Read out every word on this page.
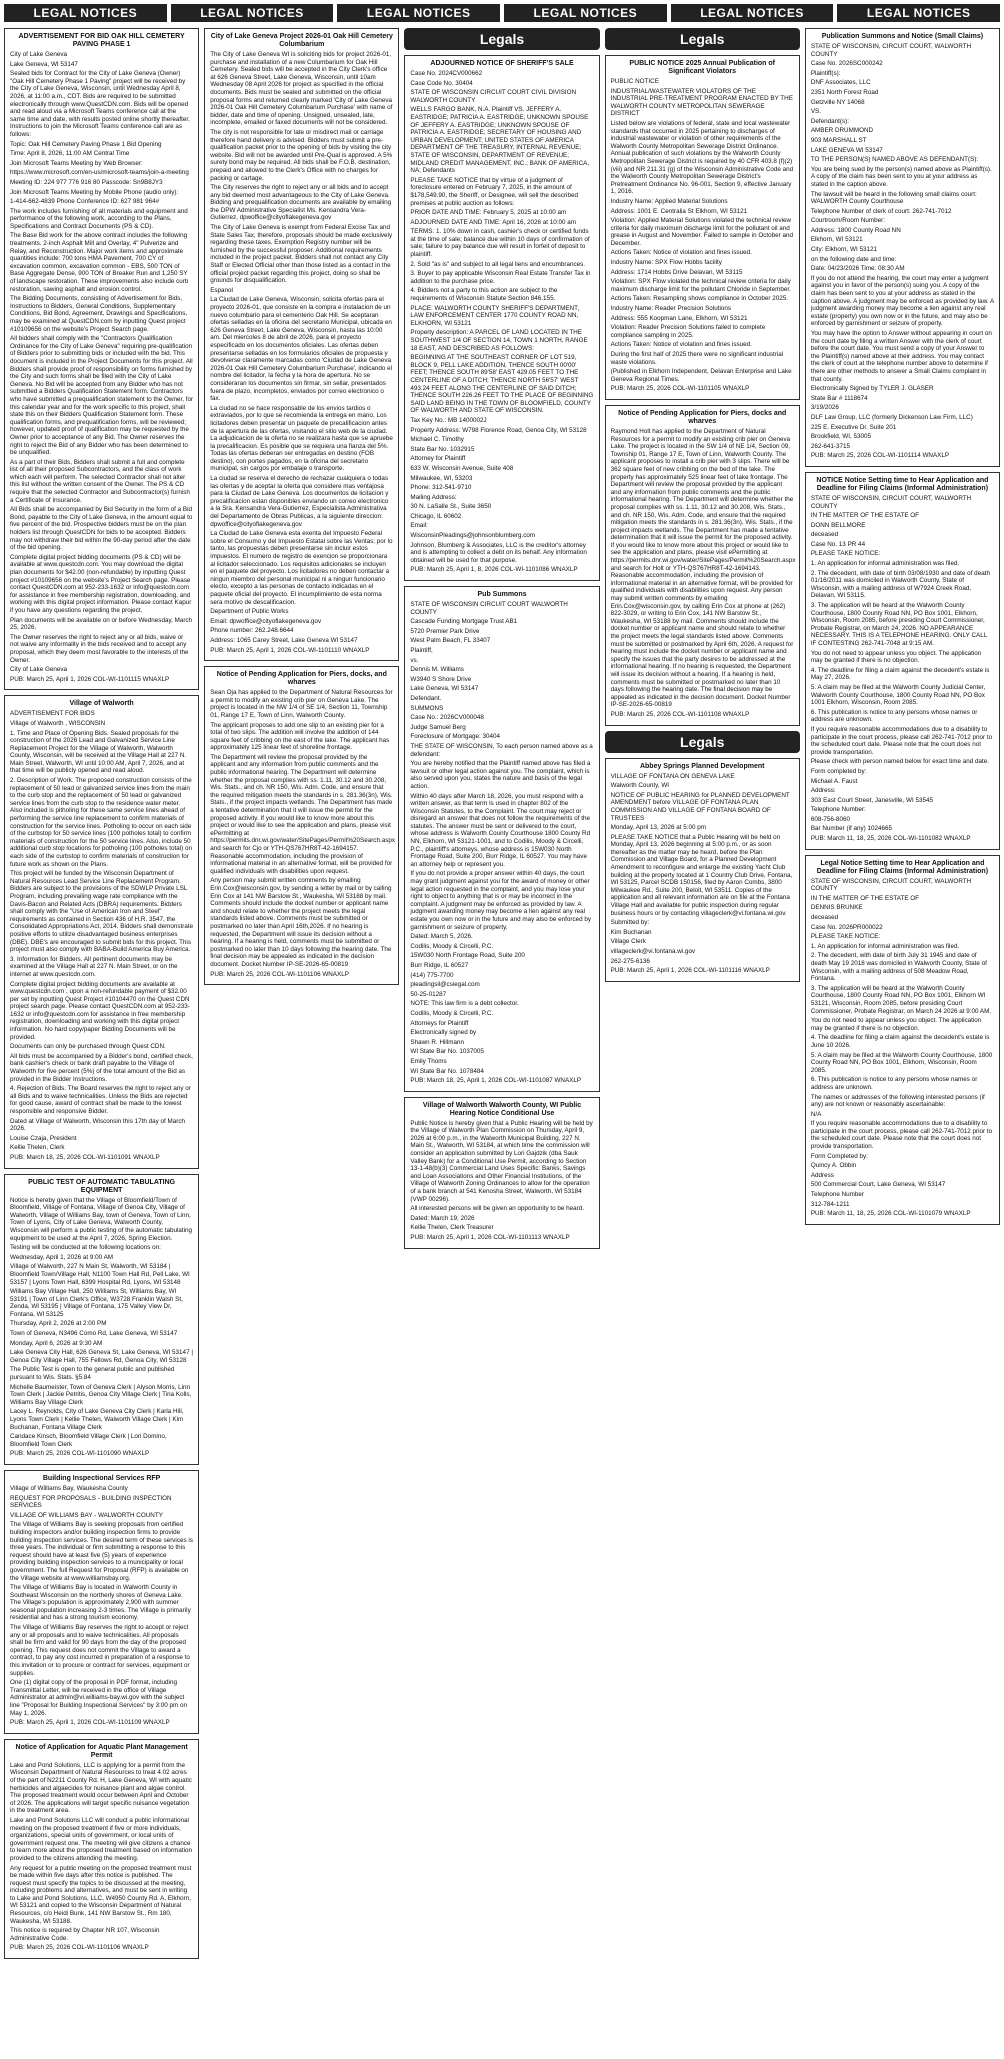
LEGAL NOTICES	LEGAL NOTICES	LEGAL NOTICES	LEGAL NOTICES	LEGAL NOTICES	LEGAL NOTICES
ADVERTISEMENT FOR BID OAK HILL CEMETERY PAVING PHASE 1

City of Lake Geneva

Lake Geneva, WI 53147

Sealed bids for Contract for the City of Lake Geneva (Owner) "Oak Hill Cemetery Phase 1 Paving" project will be received by the City of Lake Geneva, Wisconsin, until Wednesday April 8, 2026, at 11:00 a.m., CDT. Bids are required to be submitted electronically through www.QuestCDN.com. Bids will be opened and read aloud via a Microsoft Teams conference call at the same time and date, with results posted online shortly thereafter. Instructions to join the Microsoft Teams conference call are as follows:

Topic: Oak Hill Cemetery Paving Phase 1 Bid Opening

Time: April 8, 2026, 11:00 AM Central Time

Join Microsoft Teams Meeting by Web Browser:

https://www.microsoft.com/en-us/microsoft-teams/join-a-meeting

Meeting ID: 224 977 776 916 80 Passcode: Sn9B8JY3

Join Microsoft Teams Meeting by Mobile Phone (audio only):

1-414-662-4839 Phone Conference ID: 627 981 964#

The work includes furnishing of all materials and equipment and performance of the following work, according to the Plans, Specifications and Contract Documents (PS & CD).

The Base Bid work for the above contract includes the following treatments. 2-inch Asphalt Mill and Overlay, 4" Pulverize and Relay, and Reconstruction. Major work items and approximate quantities include: 700 tons HMA Pavement, 700 CY of excavation common, excavation common - EBS, 500 TON of Base Aggregate Dense, 900 TON of Breaker Run and 1,250 SY of landscape restoration. These improvements also include curb restoration, sawing asphalt and erosion control.

The Bidding Documents, consisting of Advertisement for Bids, Instructions to Bidders, General Conditions, Supplementary Conditions, Bid Bond, Agreement, Drawings and Specifications, may be examined at QuestCDN.com by inputting Quest project #10109656 on the website's Project Search page.

All bidders shall comply with the "Contractors Qualification Ordinance for the City of Lake Geneva" requiring pre-qualification of Bidders prior to submitting bids or included with the bid. This document is included in the Project Documents for this project. All Bidders shall provide proof of responsibility on forms furnished by the City and such forms shall be filed with the City of Lake Geneva. No Bid will be accepted from any Bidder who has not submitted a Bidders Qualification Statement form. Contractors who have submitted a prequalification statement to the Owner, for this calendar year and for the work specific to this project, shall state this on their Bidders Qualification Statement form. These qualification forms, and prequalification forms, will be reviewed; however, updated proof of qualification may be requested by the Owner prior to acceptance of any Bid. The Owner reserves the right to reject the Bid of any Bidder who has been determined to be unqualified.

As a part of their Bids, Bidders shall submit a full and complete list of all their proposed Subcontractors, and the class of work which each will perform. The selected Contractor shall not alter this list without the written consent of the Owner. The PS & CD require that the selected Contractor and Subcontractor(s) furnish a Certificate of Insurance.

All Bids shall be accompanied by Bid Security in the form of a Bid Bond, payable to the City of Lake Geneva, in the amount equal to five percent of the bid. Prospective bidders must be on the plan holders list through QuestCDN for bids to be accepted. Bidders may not withdraw their bid within the 90-day period after the date of the bid opening.

Complete digital project bidding documents (PS & CD) will be available at www.questcdn.com. You may download the digital plan documents for $42.00 (non-refundable) by inputting Quest project #10109656 on the website's Project Search page. Please contact QuestCDN.com at 952-233-1632 or info@questcdn.com for assistance in free membership registration, downloading, and working with this digital project information. Please contact Kapur if you have any questions regarding the project.

Plan documents will be available on or before Wednesday, March 25, 2026.

The Owner reserves the right to reject any or all bids, waive or not waive any informality in the bids received and to accept any proposal, which they deem most favorable to the interests of the Owner.

City of Lake Geneva

PUB: March 25, April 1, 2026 COL-WI-1101115 WNAXLP

Village of Walworth

ADVERTISEMENT FOR BIDS

Village of Walworth , WISCONSIN

1. Time and Place of Opening Bids. Sealed proposals for the construction of the 2026 Lead and Galvanized Service Line Replacement Project for the Village of Walworth, Walworth County, Wisconsin, will be received at the Village Hall at 227 N. Main Street, Walworth, WI until 10:00 AM, April 7, 2026, and at that time will be publicly opened and read aloud.

2. Description of Work. The proposed construction consists of the replacement of 50 lead or galvanized service lines from the main to the curb stop and the replacement of 50 lead or galvanized service lines from the curb stop to the residence water meter. Also included is pitholing for these same service lines ahead of performing the service line replacement to confirm materials of construction for the service lines. Potholing to occur on each side of the curbstop for 50 service lines (100 potholes total) to confirm materials of construction for the 50 service lines. Also, include 50 additional curb stop locations for potholing (100 potholes total) on each side of the curbstop to confirm materials of construction for future work as shown on the Plans.

This project will be funded by the Wisconsin Department of Natural Resources Lead Service Line Replacement Program. Bidders are subject to the provisions of the SDWLP Private LSL Program, including prevailing wage rate compliance with the Davis-Bacon and Related Acts (DBRA) requirements. Bidders shall comply with the "Use of American Iron and Steel" requirements as contained in Section 436 of H.R. 3547, the Consolidated Appropriations Act, 2014. Bidders shall demonstrate positive efforts to utilize disadvantaged business enterprises (DBE). DBE's are encouraged to submit bids for this project. This project must also comply with BABA-Build America Buy America.

3. Information for Bidders. All pertinent documents may be examined at the Village Hall at 227 N. Main Street, or on the internet at www.questcdn.com.

Complete digital project bidding documents are available at www.questcdn.com , upon a non-refundable payment of $32.00 per set by inputting Quest Project #10104470 on the Quest CDN project search page. Please contact QuestCDN.com at 952-233-1632 or info@questcdn.com for assistance in free membership registration, downloading and working with this digital project information. No hard copy/paper Bidding Documents will be provided.

Documents can only be purchased through Quest CDN.

All bids must be accompanied by a Bidder's bond, certified check, bank cashier's check or bank draft payable to the Village of Walworth for five percent (5%) of the total amount of the Bid as provided in the Bidder Instructions.

4. Rejection of Bids. The Board reserves the right to reject any or all Bids and to waive technicalities. Unless the Bids are rejected for good cause, award of contract shall be made to the lowest responsible and responsive Bidder.

Dated at Village of Walworth, Wisconsin this 17th day of March 2026.

Louise Czaja, President

Kellie Thelen, Clerk

PUB: March 18, 25, 2026 COL-WI-1101091 WNAXLP

PUBLIC TEST OF AUTOMATIC TABULATING EQUIPMENT

Notice is hereby given that the Village of Bloomfield/Town of Bloomfield, Village of Fontana, Village of Genoa City, Village of Walworth, Village of Williams Bay, town of Geneva, Town of Linn, Town of Lyons, City of Lake Geneva, Walworth County, Wisconsin will perform a public testing of the automatic tabulating equipment to be used at the April 7, 2026, Spring Election.

Testing will be conducted at the following locations on:

Wednesday, April 1, 2026 at 9:00 AM

Village of Walworth, 227 N Main St, Walworth, WI 53184 | Bloomfield Town/Village Hall, N1100 Town Hall Rd, Pell Lake, WI 53157 | Lyons Town Hall, 6399 Hospital Rd, Lyons, WI 53148

Williams Bay Village Hall, 250 Williams St, Williams Bay, WI 53191 | Town of Linn Clerk's Office, W3728 Franklin Walsh St, Zenda, WI 53195 | Village of Fontana, 175 Valley View Dr, Fontana, WI 53125

Thursday, April 2, 2026 at 2:00 PM

Town of Geneva, N3496 Como Rd, Lake Geneva, WI 53147

Monday, April 6, 2026 at 9:30 AM

Lake Geneva City Hall, 626 Geneva St, Lake Geneva, WI 53147 | Genoa City Village Hall, 755 Fellows Rd, Genoa City, WI 53128

The Public Test is open to the general public and published pursuant to Wis. Stats. §5.84

Michelle Baumeister, Town of Geneva Clerk | Alyson Morris, Linn Town Clerk | Jackie Petritis, Genoa City Village Clerk | Tina Kolls, Williams Bay Village Clerk

Lacey L. Reynolds, City of Lake Geneva City Clerk | Karla Hill, Lyons Town Clerk | Kellie Thelen, Walworth Village Clerk | Kim Buchanan, Fontana Village Clerk

Candace Kinsch, Bloomfield Village Clerk | Lori Domino, Bloomfield Town Clerk

PUB: March 25, 2026 COL-WI-1101090 WNAXLP

Building Inspectional Services RFP

Village of Williams Bay, Waukesha County

REQUEST FOR PROPOSALS - BUILDING INSPECTION SERVICES

VILLAGE OF WILLIAMS BAY - WALWORTH COUNTY

The Village of Williams Bay is seeking proposals from certified building inspectors and/or building inspection firms to provide building inspection services. The desired term of these services is three years. The individual or firm submitting a response to this request should have at least five (5) years of experience providing building inspection services to a municipality or local government. The full Request for Proposal (RFP) is available on the Village website at www.williamsbay.org.

The Village of Williams Bay is located in Walworth County in Southeast Wisconsin on the northerly shores of Geneva Lake. The Village's population is approximately 2,900 with summer seasonal population increasing 2-3 times. The Village is primarily residential and has a strong tourism economy.

The Village of Williams Bay reserves the right to accept or reject any or all proposals and to waive technicalities. All proposals shall be firm and valid for 90 days from the day of the proposed opening. This request does not commit the Village to award a contract, to pay any cost incurred in preparation of a response to this invitation or to procure or contract for services, equipment or supplies.

One (1) digital copy of the proposal in PDF format, including Transmittal Letter, will be received in the office of Village Administrator at admin@vi.williams-bay.wi.gov with the subject line "Proposal for Building Inspectional Services" by 3:00 pm on May 1, 2026.

PUB: March 25, April 1, 2026 COL-WI-1101109 WNAXLP

Notice of Application for Aquatic Plant Management Permit

Lake and Pond Solutions, LLC is applying for a permit from the Wisconsin Department of Natural Resources to treat 4.02 acres of the part of N2211 County Rd. H, Lake Geneva, WI with aquatic herbicides and algaecides for nuisance plant and algae control. The proposed treatment would occur between April and October of 2026. The applications will target specific nuisance vegetation in the treatment area.

Lake and Pond Solutions LLC will conduct a public informational meeting on the proposed treatment if five or more individuals, organizations, special units of government, or local units of government request one. The meeting will give citizens a chance to learn more about the proposed treatment based on information provided to the citizens attending the meeting.

Any request for a public meeting on the proposed treatment must be made within five days after this notice is published. The request must specify the topics to be discussed at the meeting, including problems and alternatives, and must be sent in writing to Lake and Pond Solutions, LLC, W4950 County Rd. A, Elkhorn, WI 53121 and copied to the Wisconsin Department of Natural Resources, c/o Heidi Bunk, 141 NW Barstow St., Rm 180, Waukesha, WI 53188.

This notice is required by Chapter NR 107, Wisconsin Administrative Code.

PUB: March 25, 2026 COL-WI-1101106 WNAXLP

City of Lake Geneva Project 2026-01 Oak Hill Cemetery Columbarium

The City of Lake Geneva WI is soliciting bids for project 2026-01, purchase and installation of a new Columbarium for Oak Hill Cemetery. Sealed bids will be accepted in the City Clerk's office at 626 Geneva Street, Lake Geneva, Wisconsin, until 10am Wednesday 08 April 2026 for project as specified in the official documents. Bids must be sealed and submitted on the official proposal forms and returned clearly marked 'City of Lake Geneva 2026-01 Oak Hill Cemetery Columbarium Purchase' with name of bidder, date and time of opening. Unsigned, unsealed, late, incomplete, emailed or faxed documents will not be considered.

The city is not responsible for late or misdirect mail or carriage therefore hand delivery is advised. Bidders must submit a pre-qualification packet prior to the opening of bids by visiting the city website. Bid will not be awarded until Pre-Qual is approved. A 5% surety bond may be required. All bids shall be F.O.B. destination, prepaid and allowed to the Clerk's Office with no charges for packing or cartage.

The City reserves the right to reject any or all bids and to accept any bid deemed most advantageous to the City of Lake Geneva. Bidding and prequalification documents are available by emailing the DPW Administrative Specialist Ms. Kensandra Vera-Gutierrez, dpwoffice@cityoflakegeneva.gov

The City of Lake Geneva is exempt from Federal Excise Tax and State Sales Tax; therefore, proposals should be made exclusively regarding these taxes. Exemption Registry number will be furnished by the successful proposer. Additional requirements included in the project packet. Bidders shall not contact any City Staff or Elected Official other than those listed as a contact in the official project packet regarding this project, doing so shall be grounds for disqualification.

Espanol

La Ciudad de Lake Geneva, Wisconsin, solicita ofertas para el proyecto 2026-01, que consiste en la compra e instalacion de un nuevo columbario para el cementerio Oak Hill. Se aceptaran ofertas selladas en la oficina del secretario Municipal, ubicada en 626 Geneva Street, Lake Geneva, Wisconsin, hasta las 10:00 am. Del miercoles 8 de abril de 2026, para el proyecto especificado en los documentos oficiales. Las ofertas deben presentarse selladas en los formularios oficiales de propuesta y devolverse claramente marcadas como 'Ciudad de Lake Geneva 2026-01 Oak Hill Cemetery Columbarium Purchase', indicando el nombre del licitador, la fecha y la hora de apertura. No se consideraran los documentos sin firmar, sin sellar, presentados fuera de plazo, incompletos, enviados por correo electronico o fax.

La ciudad no se hace responsable de los envios tardios o extraviados, por lo que se recomienda la entrega en mano. Los licitadores deben presentar un paquete de precalificacion antes de la apertura de las ofertas, visitando el sitio web de la ciudad. La adjudicacion de la oferta no se realizara hasta que se apruebe la precalificacion. Es posible que se requiera una fianza del 5%. Todas las ofertas deberan ser entregadas en destino (FOB destino), con portes pagados, en la oficina del secretario municipal, sin cargos por embalaje o transporte.

La ciudad se reserva el derecho de rechazar cualquiera o todas las ofertas y de aceptar la oferta que considere mas ventajosa para la Ciudad de Lake Geneva. Los documentos de licitacion y precalificacion estan disponibles enviando un correo electronico a la Sra. Kensandra Vera-Gutierrez, Especialista Administrativa del Departamento de Obras Publicas, a la siguiente direccion: dpwoffice@cityoflakegeneva.gov

La Ciudad de Lake Geneva esta exenta del Impuesto Federal sobre el Consumo y del Impuesto Estatal sobre las Ventas; por lo tanto, las propuestas deben presentarse sin incluir estos impuestos. El numero de registro de exencion se proporcionara al licitador seleccionado. Los requisitos adicionales se incluyen en el paquete del proyecto. Los licitadores no deben contactar a ningun miembro del personal municipal ni a ningun funcionario electo, excepto a las personas de contacto indicadas en el paquete oficial del proyecto. El incumplimiento de esta norma sera motivo de descalificacion.

Department of Public Works

Email: dpwoffice@cityoflakegeneva.gov

Phone number: 262.248.6644

Address: 1065 Carey Street, Lake Geneva WI 53147

PUB: March 25, April 1, 2026 COL-WI-1101110 WNAXLP

Notice of Pending Application for Piers, docks, and wharves

Sean Oja has applied to the Department of Natural Resources for a permit to modify an existing crib pier on Geneva Lake. The project is located in the NW 1/4 of SE 1/4, Section 11, Township 01, Range 17 E, Town of Linn, Walworth County.

The applicant proposes to add one slip to an existing pier for a total of two slips. The addition will involve the addition of 144 square feet of cribbing on the east of the lake. The applicant has approximately 125 linear feet of shoreline frontage.

The Department will review the proposal provided by the applicant and any information from public comments and the public informational hearing. The Department will determine whether the proposal complies with ss. 1.11, 30.12 and 30.208, Wis. Stats., and ch. NR 150, Wis. Adm. Code, and ensure that the required mitigation meets the standards in s. 281.36(3n), Wis. Stats., if the project impacts wetlands. The Department has made a tentative determination that it will issue the permit for the proposed activity. If you would like to know more about this project or would like to see the application and plans, please visit ePermitting at https://permits.dnr.wi.gov/water/SitePages/Permit%20Search.aspx and search for Cjo or YTH-QS767HR8T-42-1694157. Reasonable accommodation, including the provision of informational material in an alternative format, will be provided for qualified individuals with disabilities upon request.

Any person may submit written comments by emailing Erin.Cox@wisconsin.gov, by sending a letter by mail or by calling Erin Cox at 141 NW Barstow St., Waukesha, WI 53188 by mail. Comments should include the docket number or applicant name and should relate to whether the project meets the legal standards listed above. Comments must be submitted or postmarked no later than April 16th,2026. If no hearing is requested, the Department will issue its decision without a hearing. If a hearing is held, comments must be submitted or postmarked no later than 10 days following the hearing date. The final decision may be appealed as indicated in the decision document. Docket Number IP-SE-2026-65-00819

PUB: March 25, 2026 COL-WI-1101106 WNAXLP

Legals
ADJOURNED NOTICE OF SHERIFF'S SALE

Case No. 2024CV000662

Case Code No. 30404

STATE OF WISCONSIN CIRCUIT COURT CIVIL DIVISION WALWORTH COUNTY

WELLS FARGO BANK, N.A. Plaintiff VS. JEFFERY A. EASTRIDGE; PATRICIA A. EASTRIDGE; UNKNOWN SPOUSE OF JEFFERY A. EASTRIDGE; UNKNOWN SPOUSE OF PATRICIA A. EASTRIDGE; SECRETARY OF HOUSING AND URBAN DEVELOPMENT; UNITED STATES OF AMERICA DEPARTMENT OF THE TREASURY, INTERNAL REVENUE; STATE OF WISCONSIN, DEPARTMENT OF REVENUE; MIDLAND CREDIT MANAGEMENT, INC.; BANK OF AMERICA, NA; Defendants

PLEASE TAKE NOTICE that by virtue of a judgment of foreclosure entered on February 7, 2025, in the amount of $178,549.90, the Sheriff, or Designee, will sell the described premises at public auction as follows:

PRIOR DATE AND TIME: February 5, 2025 at 10:00 am

ADJOURNED DATE AND TIME: April 16, 2026 at 10:00 am

TERMS: 1. 10% down in cash, cashier's check or certified funds at the time of sale; balance due within 10 days of confirmation of sale; failure to pay balance due will result in forfeit of deposit to plaintiff.

2. Sold "as is" and subject to all legal liens and encumbrances.

3. Buyer to pay applicable Wisconsin Real Estate Transfer Tax in addition to the purchase price.

4. Bidders not a party to this action are subject to the requirements of Wisconsin Statute Section 846.155.

PLACE: WALWORTH COUNTY SHERIFF'S DEPARTMENT, LAW ENFORCEMENT CENTER 1770 COUNTY ROAD NN, ELKHORN, WI 53121

Property description: A PARCEL OF LAND LOCATED IN THE SOUTHWEST 1/4 OF SECTION 14, TOWN 1 NORTH, RANGE 18 EAST, AND DESCRIBED AS FOLLOWS:

BEGINNING AT THE SOUTHEAST CORNER OF LOT 519, BLOCK 9, PELL LAKE ADDITION, THENCE SOUTH 00'00' FEET; THENCE SOUTH 89'58' EAST 429.05 FEET TO THE CENTERLINE OF A DITCH; THENCE NORTH 56'57' WEST 493.24 FEET ALONG THE CENTERLINE OF SAID DITCH; THENCE SOUTH 226.26 FEET TO THE PLACE OF BEGINNING SAID LAND BEING IN THE TOWN OF BLOOMFIELD, COUNTY OF WALWORTH AND STATE OF WISCONSIN.

Tax Key No.: MB 1400002J

Property Address: W798 Florence Road, Genoa City, WI 53128

Michael C. Timothy

State Bar No. 1032915

Attorney for Plaintiff

633 W. Wisconsin Avenue, Suite 408

Milwaukee, WI, 53203

Phone: 312-541-9710

Mailing Address:

30 N. LaSalle St., Suite 3650

Chicago, IL 60602

Email:

WisconsinPleadings@johnsonblumberg.com

Johnson, Blumberg & Associates, LLC is the creditor's attorney and is attempting to collect a debt on its behalf. Any information obtained will be used for that purpose.

PUB: March 25, April 1, 8, 2026 COL-WI-1101086 WNAXLP

Pub Summons

STATE OF WISCONSIN CIRCUIT COURT WALWORTH COUNTY

Cascade Funding Mortgage Trust AB1

5720 Premier Park Drive

West Palm Beach, FL 33407

Plaintiff,

vs.

Dennis M. Williams

W3940 S Shore Drive

Lake Geneva, WI 53147

Defendant.

SUMMONS

Case No.: 2026CV000048

Judge Samuel Berg

Foreclosure of Mortgage: 30404

THE STATE OF WISCONSIN, To each person named above as a defendant:

You are hereby notified that the Plaintiff named above has filed a lawsuit or other legal action against you. The complaint, which is also served upon you, states the nature and basis of the legal action.

Within 40 days after March 18, 2026, you must respond with a written answer, as that term is used in chapter 802 of the Wisconsin Statutes, to the Complaint. The court may reject or disregard an answer that does not follow the requirements of the statutes. The answer must be sent or delivered to the court, whose address is Walworth County Courthouse 1800 County Rd NN, Elkhorn, WI 53121-1001, and to Codilis, Moody & Circelli, P.C., plaintiff's attorneys, whose address is 15W030 North Frontage Road, Suite 200, Burr Ridge, IL 60527. You may have an attorney help or represent you.

If you do not provide a proper answer within 40 days, the court may grant judgment against you for the award of money or other legal action requested in the complaint, and you may lose your right to object to anything that is or may be incorrect in the complaint. A judgment may be enforced as provided by law. A judgment awarding money may become a lien against any real estate you own now or in the future and may also be enforced by garnishment or seizure of property.

Dated: March 5, 2026.

Codilis, Moody & Circelli, P.C.

15W030 North Frontage Road, Suite 200

Burr Ridge, IL 60527

(414) 775-7700

pleadingsil@csiegal.com

50-25-01287

NOTE: This law firm is a debt collector.

Codilis, Moody & Circelli, P.C.

Attorneys for Plaintiff

Electronically signed by

Shawn R. Hillmann

WI State Bar No. 1037005

Emily Thoms

WI State Bar No. 1078484

PUB: March 18, 25, April 1, 2026 COL-WI-1101087 WNAXLP

Village of Walworth Walworth County, WI Public Hearing Notice Conditional Use

Public Notice is hereby given that a Public Hearing will be held by the Village of Walworth Plan Commission on Thursday, April 9, 2026 at 6:00 p.m., in the Walworth Municipal Building, 227 N. Main St., Walworth, WI 53184, at which time the commission will consider an application submitted by Lori Gajdzik (dba Sauk Valley Bank) for a Conditional Use Permit, according to Section 13-1-48(b)(3) Commercial Land Uses Specific: Banks, Savings and Loan Associations and Other Financial Institutions, of the Village of Walworth Zoning Ordinances to allow for the operation of a bank branch at 541 Kenosha Street, Walworth, WI 53184 (VWP 00296).

All interested persons will be given an opportunity to be heard.

Dated: March 19, 2026

Kellie Thelen, Clerk Treasurer

PUB: March 25, April 1, 2026 COL-WI-1101113 WNAXLP

Legals
PUBLIC NOTICE 2025 Annual Publication of Significant Violators

PUBLIC NOTICE

INDUSTRIAL/WASTEWATER VIOLATORS OF THE INDUSTRIAL PRE-TREATMENT PROGRAM ENACTED BY THE WALWORTH COUNTY METROPOLITAN SEWERAGE DISTRICT

Listed below are violations of federal, state and local wastewater standards that occurred in 2025 pertaining to discharges of industrial wastewater or violation of other requirements of the Walworth County Metropolitan Sewerage District Ordinance. Annual publication of such violations by the Walworth County Metropolitan Sewerage District is required by 40 CFR 403.8 (f)(2)(viii) and NR 211.31 (g) of the Wisconsin Administrative Code and the Walworth County Metropolitan Sewerage District's Pretreatment Ordinance No. 96-001, Section 9, effective January 1, 2016.

Industry Name: Applied Material Solutions

Address: 1001 E. Centralia St Elkhorn, WI 53121

Violation: Applied Material Solutions violated the technical review criteria for daily maximum discharge limit for the pollutant oil and grease in August and November. Failed to sample in October and December.

Actions Taken: Notice of violation and fines issued.

Industry Name: SPX Flow Hobbs facility

Address: 1714 Hobbs Drive Delavan, WI 53115

Violation: SPX Flow violated the technical review criteria for daily maximum discharge limit for the pollutant Chloride in September.

Actions Taken: Resampling shows compliance in October 2025.

Industry Name: Reader Precision Solutions

Address: 555 Koopman Lane, Elkhorn, WI 53121

Violation: Reader Precision Solutions failed to complete compliance sampling in 2025.

Actions Taken: Notice of violation and fines issued.

During the first half of 2025 there were no significant industrial waste violations.

(Published in Elkhorn Independent, Delavan Enterprise and Lake Geneva Regional Times.

PUB: March 25, 2026 COL-WI-1101105 WNAXLP

Notice of Pending Application for Piers, docks and wharves

Raymond Holt has applied to the Department of Natural Resources for a permit to modify an existing crib pier on Geneva Lake. The project is located in the SW 1/4 of NE 1/4, Section 09, Township 01, Range 17 E, Town of Linn, Walworth County. The applicant proposes to install a crib pier with 3 slips. There will be 362 square feet of new cribbing on the bed of the lake. The property has approximately 525 linear feet of lake frontage. The Department will review the proposal provided by the applicant and any information from public comments and the public informational hearing. The Department will determine whether the proposal complies with ss. 1.11, 30.12 and 30.208, Wis. Stats., and ch. NR 150, Wis. Adm. Code, and ensure that the required mitigation meets the standards in s. 281.36(3n), Wis. Stats., if the project impacts wetlands. The Department has made a tentative determination that it will issue the permit for the proposed activity. If you would like to know more about this project or would like to see the application and plans, please visit ePermitting at https://permits.dnr.wi.gov/water/SitePages/Permit%20Search.aspx and search for Holt or YTH-QS767HR8T-42-1694143. Reasonable accommodation, including the provision of informational material in an alternative format, will be provided for qualified individuals with disabilities upon request. Any person may submit written comments by emailing Erin.Cox@wisconsin.gov, by calling Erin Cox at phone at (262) 822-3029, or writing to Erin Cox, 141 NW Barstow St., Waukesha, WI 53188 by mail. Comments should include the docket number or applicant name and should relate to whether the project meets the legal standards listed above. Comments must be submitted or postmarked by April 6th, 2026. A request for hearing must include the docket number or applicant name and specify the issues that the party desires to be addressed at the informational hearing. If no hearing is requested, the Department will issue its decision without a hearing. If a hearing is held, comments must be submitted or postmarked no later than 10 days following the hearing date. The final decision may be appealed as indicated in the decision document. Docket Number IP-SE-2026-65-00819

PUB: March 25, 2026 COL-WI-1101108 WNAXLP

Legals
Abbey Springs Planned Development

VILLAGE OF FONTANA ON GENEVA LAKE

Walworth County, WI

NOTICE OF PUBLIC HEARING for PLANNED DEVELOPMENT AMENDMENT before VILLAGE OF FONTANA PLAN COMMISSION AND VILLAGE OF FONTANA BOARD OF TRUSTEES

Monday, April 13, 2026 at 5:00 pm

PLEASE TAKE NOTICE that a Public Hearing will be held on Monday, April 13, 2026 beginning at 5:00 p.m., or as soon thereafter as the matter may be heard, before the Plan Commission and Village Board, for a Planned Development Amendment to reconfigure and enlarge the existing Yacht Club building at the property located at 1 Country Club Drive, Fontana, WI 53125, Parcel SCDB 150156, filed by Aaron Combs, 3800 Milwaukee Rd., Suite 200, Beloit, WI 53511. Copies of the application and all relevant information are on file at the Fontana Village Hall and available for public inspection during regular business hours or by contacting villageclerk@vi.fontana.wi.gov.

Submitted by:

Kim Buchanan

Village Clerk

villageclerk@vi.fontana.wi.gov

262-275-6136

PUB: March 25, April 1, 2026 COL-WI-1101116 WNAXLP

Publication Summons and Notice (Small Claims)

STATE OF WISCONSIN, CIRCUIT COURT, WALWORTH COUNTY

Case No. 2026SC000242

Plaintiff(s):

DNF Associates, LLC

2351 North Forest Road

Getzville NY 14068

VS.

Defendant(s):

AMBER DRUMMOND

903 MARSHALL ST

LAKE GENEVA WI 53147

TO THE PERSON(S) NAMED ABOVE AS DEFENDANT(S):

You are being sued by the person(s) named above as Plaintiff(s). A copy of the claim has been sent to you at your address as stated in the caption above.

The lawsuit will be heard in the following small claims court: WALWORTH County Courthouse

Telephone Number of clerk of court: 262-741-7012

Courtroom/Room Number:

Address: 1800 County Road NN

Elkhorn, WI 53121

City: Elkhorn, WI 53121

on the following date and time:

Date: 04/23/2026 Time: 08:30 AM

If you do not attend the hearing, the court may enter a judgment against you in favor of the person(s) suing you. A copy of the claim has been sent to you at your address as stated in the caption above. A judgment may be enforced as provided by law. A judgment awarding money may become a lien against any real estate (property) you own now or in the future, and may also be enforced by garnishment or seizure of property.

You may have the option to Answer without appearing in court on the court date by filing a written Answer with the clerk of court before the court date. You must send a copy of your Answer to the Plaintiff(s) named above at their address. You may contact the clerk of court at the telephone number above to determine if there are other methods to answer a Small Claims complaint in that county.

Electronically Signed by TYLER J. GLASER

State Bar # 1118674

3/19/2026

DLF Law Group, LLC (formerly Dickenson Law Firm, LLC)

225 E. Executive Dr. Suite 201

Brookfield, WI, 53005

262-641-3715

PUB: March 25, 2026 COL-WI-1101114 WNAXLP

NOTICE Notice Setting time to Hear Application and Deadline for Filing Claims (Informal Administration)

STATE OF WISCONSIN, CIRCUIT COURT, WALWORTH COUNTY

IN THE MATTER OF THE ESTATE OF

DONN BELLMORE

deceased

Case No. 13 PR 44

PLEASE TAKE NOTICE:

1. An application for informal administration was filed.

2. The decedent, with date of birth 03/08/1930 and date of death 01/16/2011 was domiciled in Walworth County, State of Wisconsin, with a mailing address of W7924 Creek Road, Delavan, WI 53115.

3. The application will be heard at the Walworth County Courthouse, 1800 County Road NN, PO Box 1001, Elkhorn, Wisconsin, Room 2085, before presiding Court Commissioner, Probate Registrar, on March 24, 2026. NO APPEARANCE NECESSARY. THIS IS A TELEPHONE HEARING. ONLY CALL IF CONTESTING 262-741-7048 at 9:15 AM.

You do not need to appear unless you object. The application may be granted if there is no objection.

4. The deadline for filing a claim against the decedent's estate is May 27, 2026.

5. A claim may be filed at the Walworth County Judicial Center, Walworth County Courthouse, 1800 County Road NN, PO Box 1001 Elkhorn, Wisconsin, Room 2085.

6. This publication is notice to any persons whose names or address are unknown.

If you require reasonable accommodations due to a disability to participate in the court process, please call 262-741-7012 prior to the scheduled court date. Please note that the court does not provide transportation.

Please check with person named below for exact time and date.

Form completed by:

Michael A. Faust

Address:

303 East Court Street, Janesville, WI 53545

Telephone Number:

608-756-8060

Bar Number (if any) 1024665

PUB: March 11, 18, 25, 2026 COL-WI-1101082 WNAXLP

Legal Notice Setting time to Hear Application and Deadline for Filing Claims (Informal Administration)

STATE OF WISCONSIN, CIRCUIT COURT, WALWORTH COUNTY

IN THE MATTER OF THE ESTATE OF

DENNIS BRUNKE

deceased

Case No. 2026PR000022

PLEASE TAKE NOTICE:

1. An application for informal administration was filed.

2. The decedent, with date of birth July 31 1945 and date of death May 19 2018 was domiciled in Walworth County, State of Wisconsin, with a mailing address of 508 Meadow Road, Fontana.

3. The application will be heard at the Walworth County Courthouse, 1800 County Road NN, PO Box 1001, Elkhorn WI 53121, Wisconsin, Room 2085, before presiding Court Commissioner, Probate Registrar, on March 24 2026 at 9:00 AM.

You do not need to appear unless you object. The application may be granted if there is no objection.

4. The deadline for filing a claim against the decedent's estate is June 10 2026.

5. A claim may be filed at the Walworth County Courthouse, 1800 County Road NN, PO Box 1001, Elkhorn, Wisconsin, Room 2085.

6. This publication is notice to any persons whose names or address are unknown.

The names or addresses of the following interested persons (if any) are not known or reasonably ascertainable:

N/A

If you require reasonable accommodations due to a disability to participate in the court process, please call 262-741-7012 prior to the scheduled court date. Please note that the court does not provide transportation.

Form Completed by:

Quincy A. Obbin

Address

500 Commercial Court, Lake Geneva, WI 53147

Telephone Number

312-784-1211

PUB: March 11, 18, 25, 2026 COL-WI-1101079 WNAXLP
